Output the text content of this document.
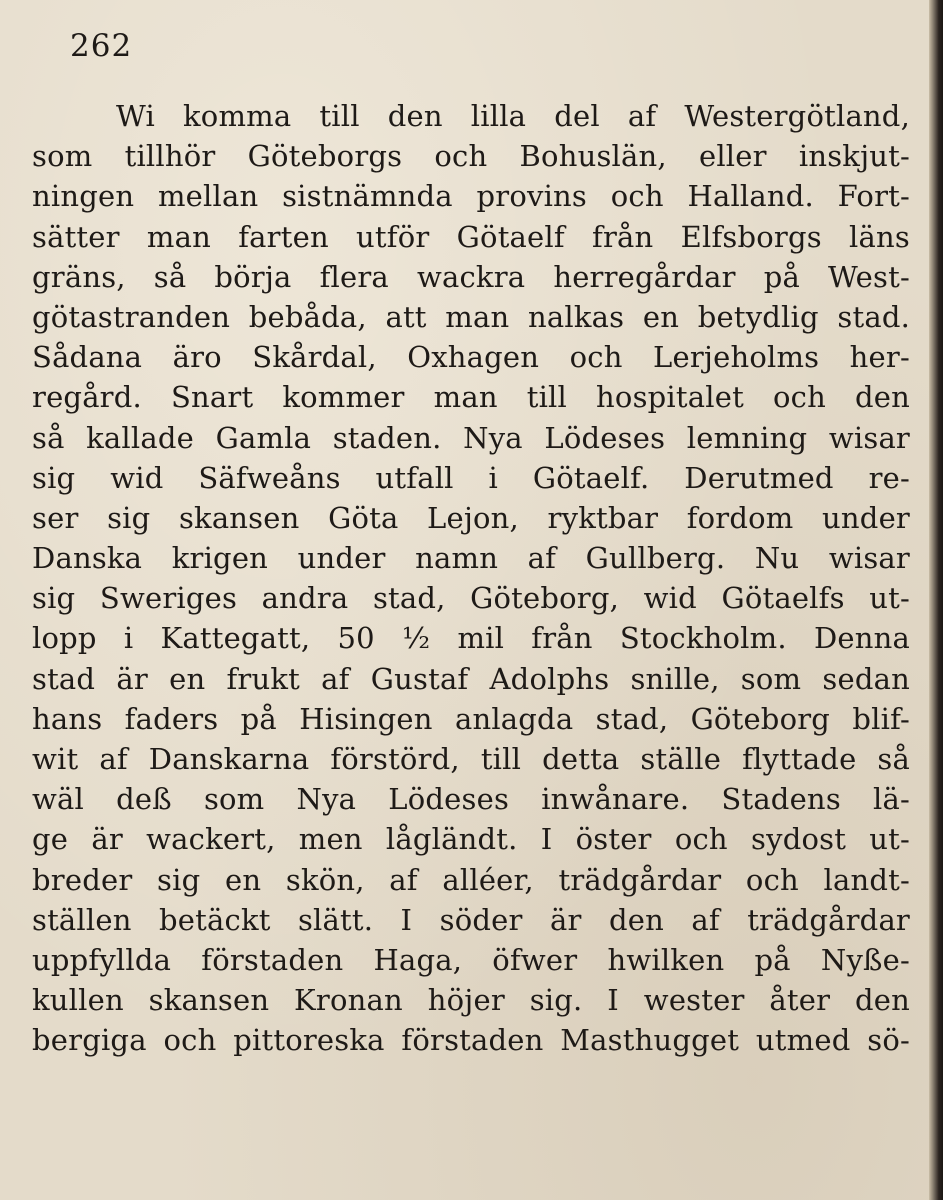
262
Wi komma till den lilla del af Westergötland,
som tillhör Göteborgs och Bohuslän, eller inskjut-
ningen mellan sistnämnda provins och Halland. Fort-
sätter man farten utför Götaelf från Elfsborgs läns
gräns, så börja flera wackra herregårdar på West-
götastranden bebåda, att man nalkas en betydlig stad.
Sådana äro Skårdal, Oxhagen och Lerjeholms her-
regård. Snart kommer man till hospitalet och den
så kallade Gamla staden. Nya Lödeses lemning wisar
sig wid Säfweåns utfall i Götaelf. Derutmed re-
ser sig skansen Göta Lejon, ryktbar fordom under
Danska krigen under namn af Gullberg. Nu wisar
sig Sweriges andra stad, Göteborg, wid Götaelfs ut-
lopp i Kattegatt, 50 ½ mil från Stockholm. Denna
stad är en frukt af Gustaf Adolphs snille, som sedan
hans faders på Hisingen anlagda stad, Göteborg blif-
wit af Danskarna förstörd, till detta ställe flyttade så
wäl deß som Nya Lödeses inwånare. Stadens lä-
ge är wackert, men lågländt. I öster och sydost ut-
breder sig en skön, af alléer, trädgårdar och landt-
ställen betäckt slätt. I söder är den af trädgårdar
uppfyllda förstaden Haga, öfwer hwilken på Nyße-
kullen skansen Kronan höjer sig. I wester åter den
bergiga och pittoreska förstaden Masthugget utmed sö-
